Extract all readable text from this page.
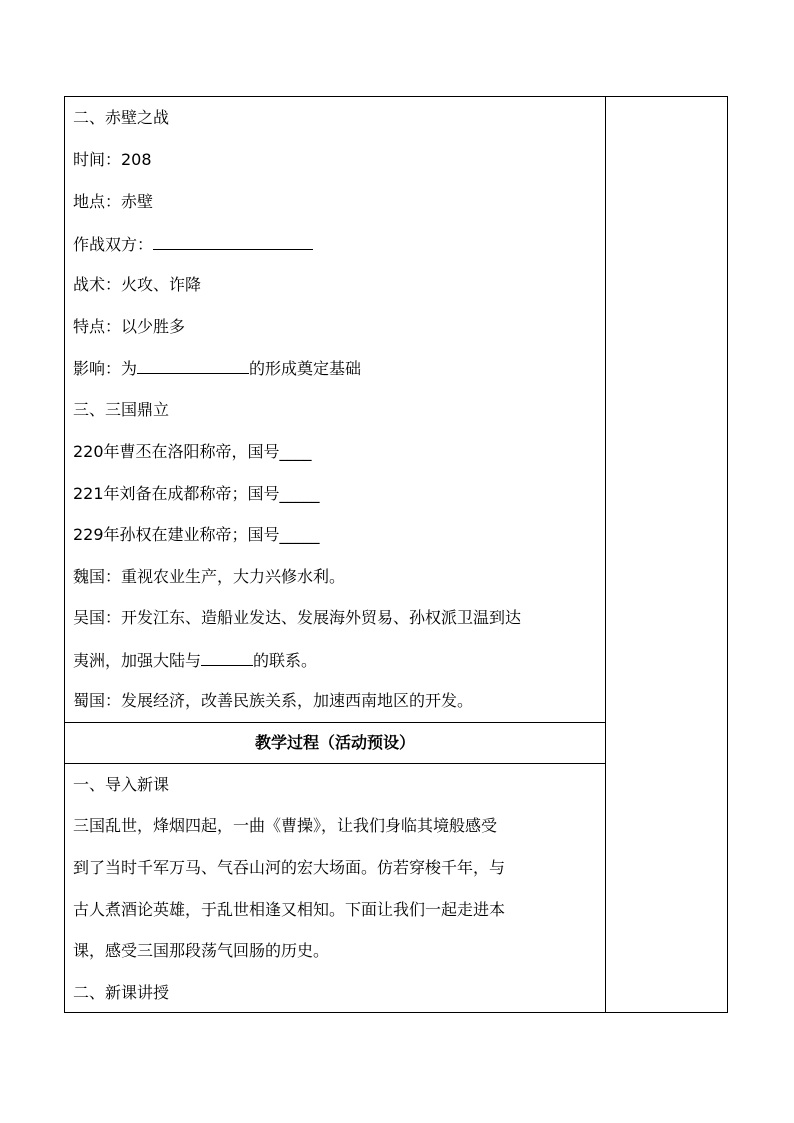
二、赤壁之战
时间：208
地点：赤壁
作战双方：
战术：火攻、诈降
特点：以少胜多
影响：为	的形成奠定基础
三、三国鼎立
220年曹丕在洛阳称帝，国号____
221年刘备在成都称帝；国号_____
229年孙权在建业称帝；国号_____
魏国：重视农业生产，大力兴修水利。
吴国：开发江东、造船业发达、发展海外贸易、孙权派卫温到达
夷洲，加强大陆与	的联系。
蜀国：发展经济，改善民族关系，加速西南地区的开发。
教学过程（活动预设）
一、导入新课
三国乱世，烽烟四起，一曲《曹操》，让我们身临其境般感受
到了当时千军万马、气吞山河的宏大场面。仿若穿梭千年，与
古人煮酒论英雄，于乱世相逢又相知。下面让我们一起走进本
课，感受三国那段荡气回肠的历史。
二、新课讲授
